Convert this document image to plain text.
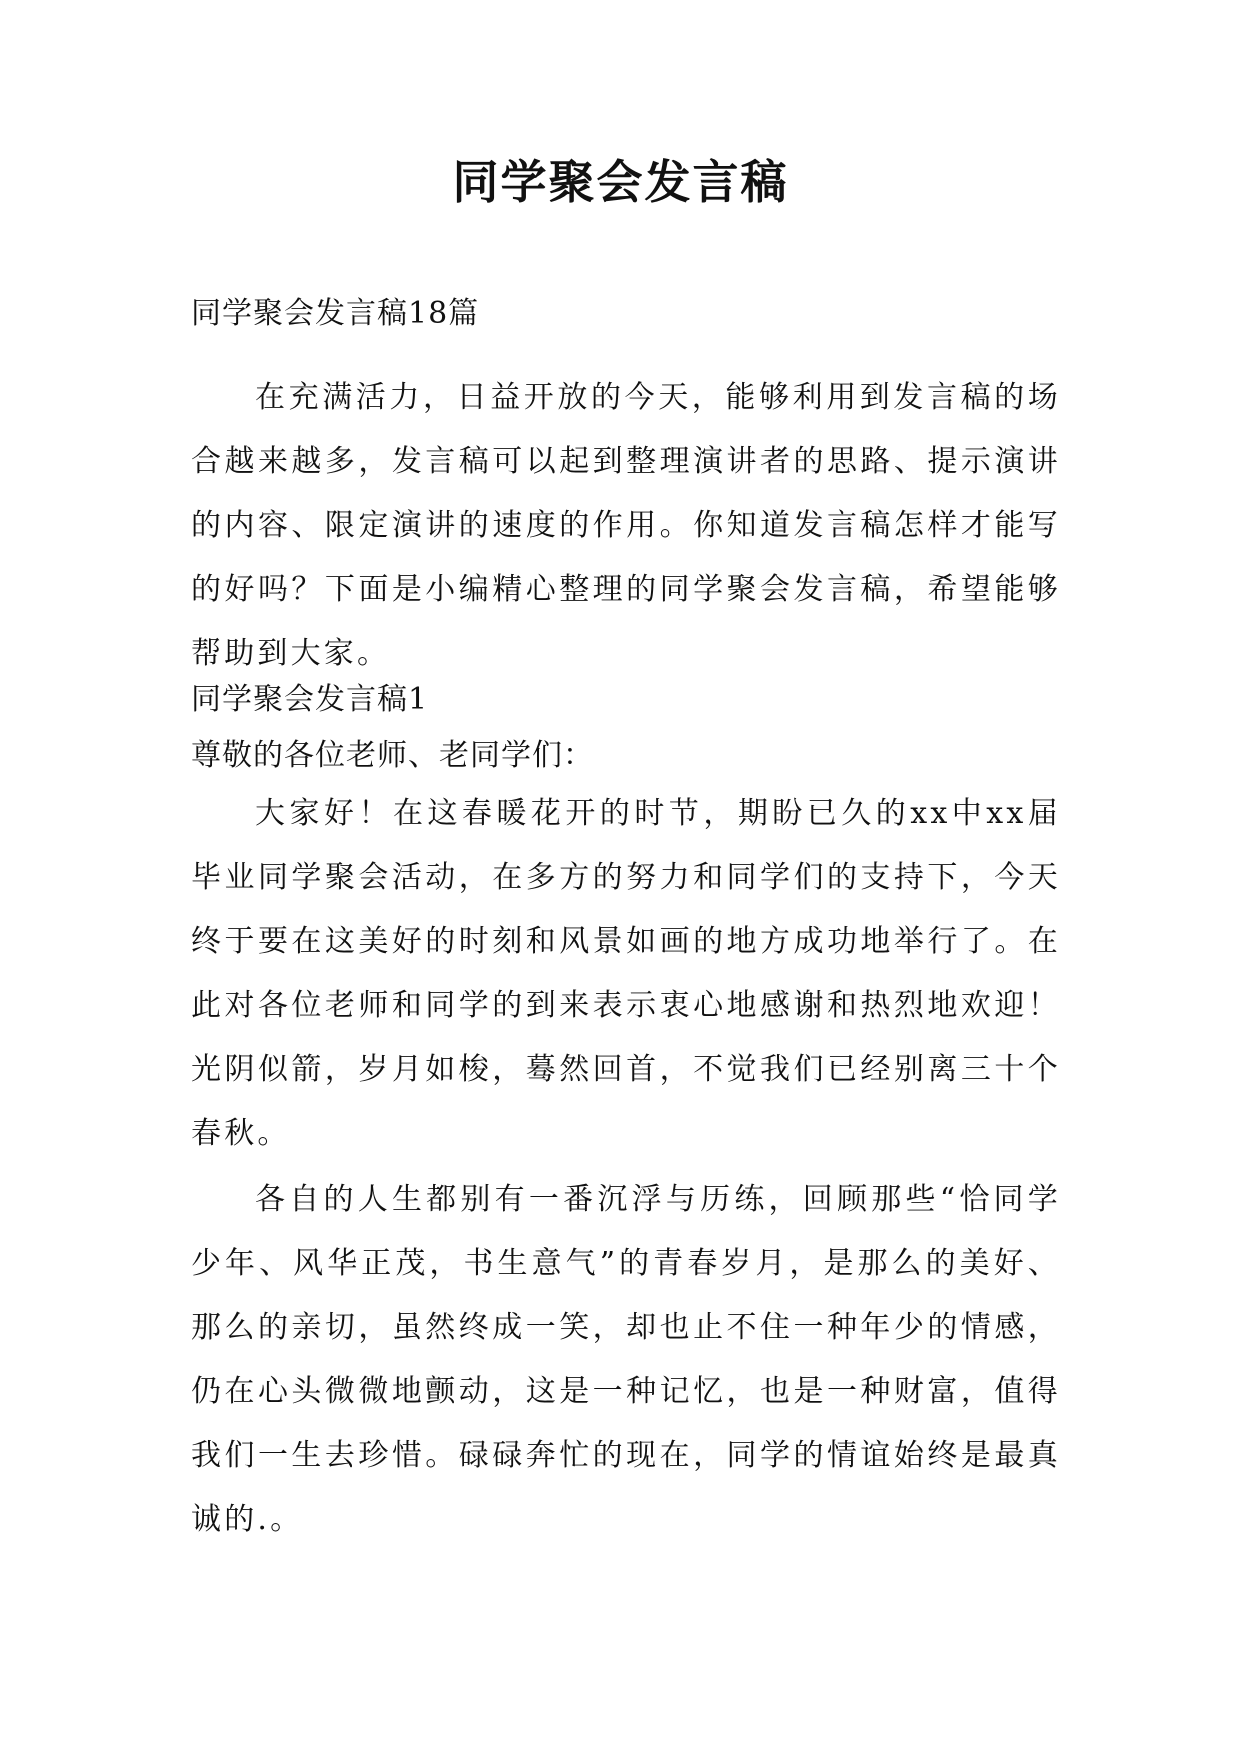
同学聚会发言稿

同学聚会发言稿18篇

在充满活力，日益开放的今天，能够利用到发言稿的场合越来越多，发言稿可以起到整理演讲者的思路、提示演讲的内容、限定演讲的速度的作用。你知道发言稿怎样才能写的好吗？下面是小编精心整理的同学聚会发言稿，希望能够帮助到大家。

同学聚会发言稿1

尊敬的各位老师、老同学们：

大家好！在这春暖花开的时节，期盼已久的xx中xx届毕业同学聚会活动，在多方的努力和同学们的支持下，今天终于要在这美好的时刻和风景如画的地方成功地举行了。在此对各位老师和同学的到来表示衷心地感谢和热烈地欢迎！光阴似箭，岁月如梭，蓦然回首，不觉我们已经别离三十个春秋。

各自的人生都别有一番沉浮与历练，回顾那些“恰同学少年、风华正茂，书生意气”的青春岁月，是那么的美好、那么的亲切，虽然终成一笑，却也止不住一种年少的情感，仍在心头微微地颤动，这是一种记忆，也是一种财富，值得我们一生去珍惜。碌碌奔忙的现在，同学的情谊始终是最真诚的.。
